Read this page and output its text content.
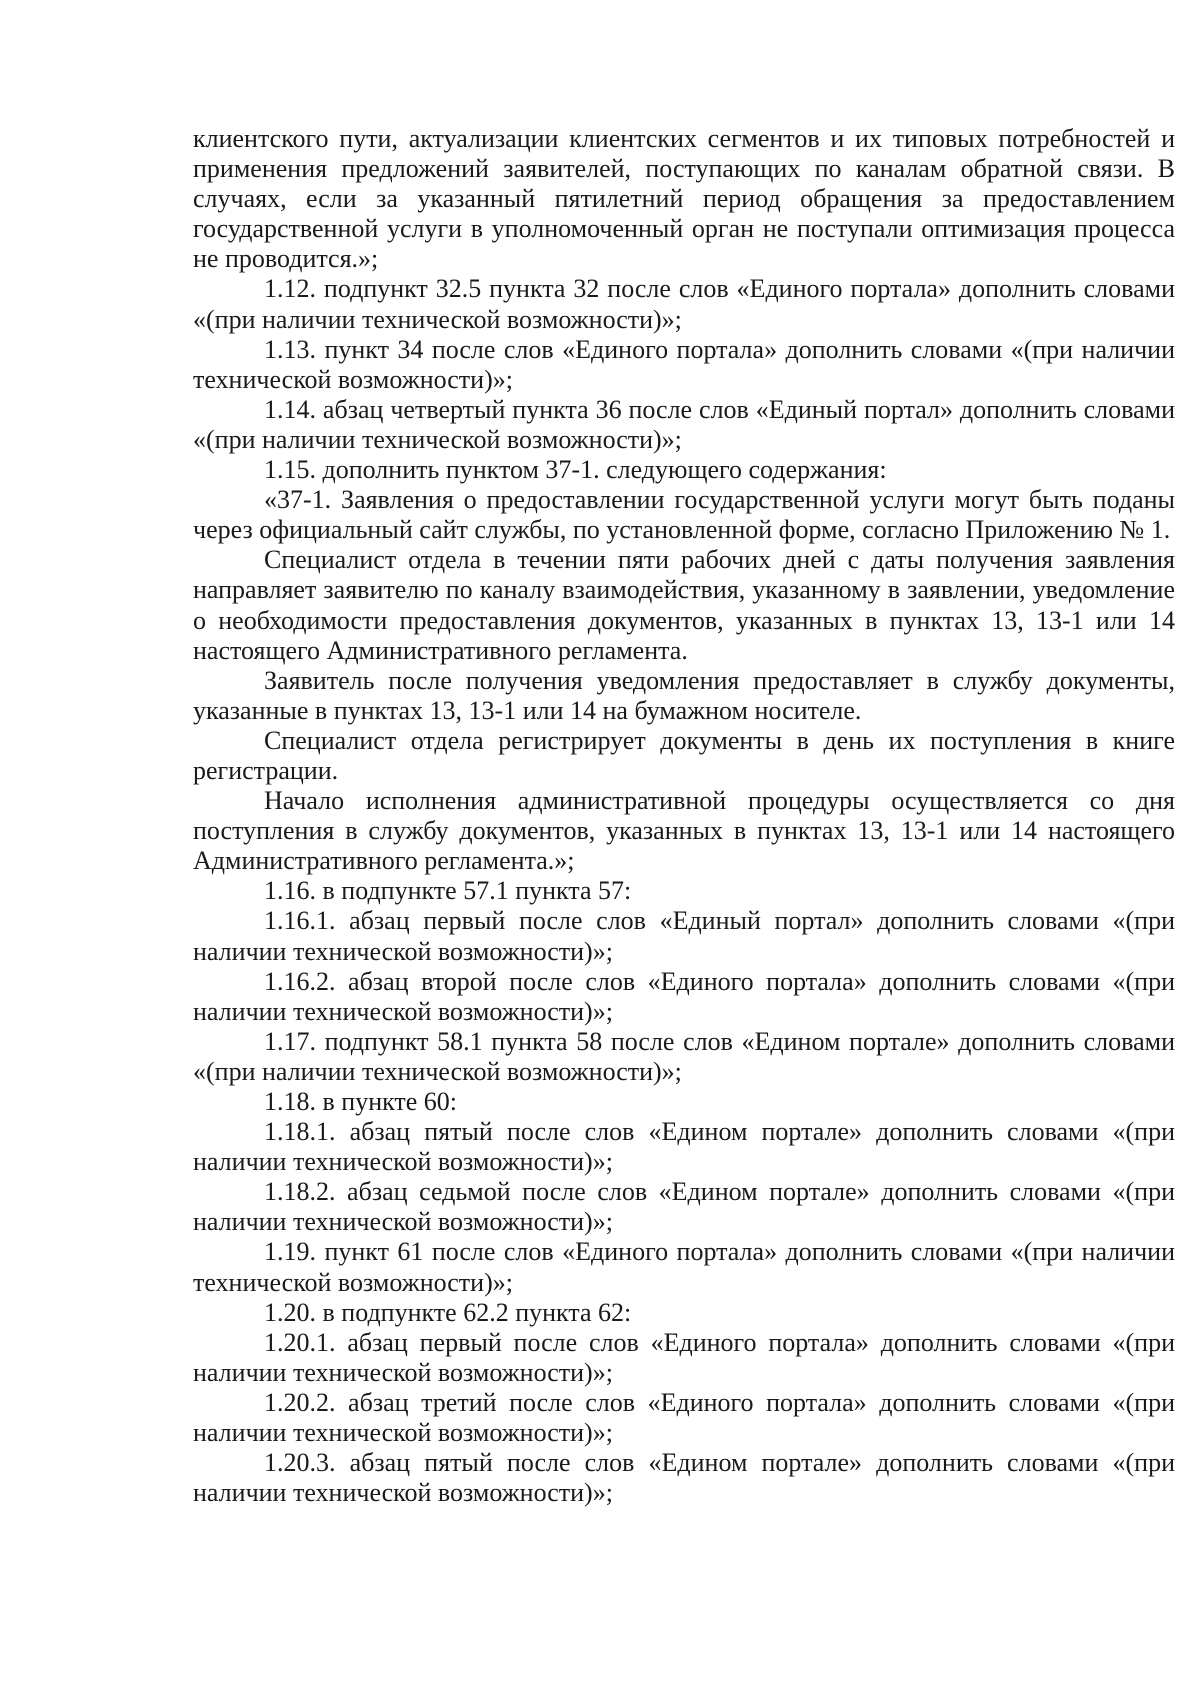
клиентского пути, актуализации клиентских сегментов и их типовых потребностей и применения предложений заявителей, поступающих по каналам обратной связи. В случаях, если за указанный пятилетний период обращения за предоставлением государственной услуги в уполномоченный орган не поступали оптимизация процесса не проводится.»;

1.12. подпункт 32.5 пункта 32 после слов «Единого портала» дополнить словами «(при наличии технической возможности)»;

1.13. пункт 34 после слов «Единого портала» дополнить словами «(при наличии технической возможности)»;

1.14. абзац четвертый пункта 36 после слов «Единый портал» дополнить словами «(при наличии технической возможности)»;

1.15. дополнить пунктом 37-1. следующего содержания:

«37-1. Заявления о предоставлении государственной услуги могут быть поданы через официальный сайт службы, по установленной форме, согласно Приложению № 1.

Специалист отдела в течении пяти рабочих дней с даты получения заявления направляет заявителю по каналу взаимодействия, указанному в заявлении, уведомление о необходимости предоставления документов, указанных в пунктах 13, 13-1 или 14 настоящего Административного регламента.

Заявитель после получения уведомления предоставляет в службу документы, указанные в пунктах 13, 13-1 или 14 на бумажном носителе.

Специалист отдела регистрирует документы в день их поступления в книге регистрации.

Начало исполнения административной процедуры осуществляется со дня поступления в службу документов, указанных в пунктах 13, 13-1 или 14 настоящего Административного регламента.»;

1.16. в подпункте 57.1 пункта 57:

1.16.1. абзац первый после слов «Единый портал» дополнить словами «(при наличии технической возможности)»;

1.16.2. абзац второй после слов «Единого портала» дополнить словами «(при наличии технической возможности)»;

1.17. подпункт 58.1 пункта 58 после слов «Едином портале» дополнить словами «(при наличии технической возможности)»;

1.18. в пункте 60:

1.18.1. абзац пятый после слов «Едином портале» дополнить словами «(при наличии технической возможности)»;

1.18.2. абзац седьмой после слов «Едином портале» дополнить словами «(при наличии технической возможности)»;

1.19. пункт 61 после слов «Единого портала» дополнить словами «(при наличии технической возможности)»;

1.20. в подпункте 62.2 пункта 62:

1.20.1. абзац первый после слов «Единого портала» дополнить словами «(при наличии технической возможности)»;

1.20.2. абзац третий после слов «Единого портала» дополнить словами «(при наличии технической возможности)»;

1.20.3. абзац пятый после слов «Едином портале» дополнить словами «(при наличии технической возможности)»;
